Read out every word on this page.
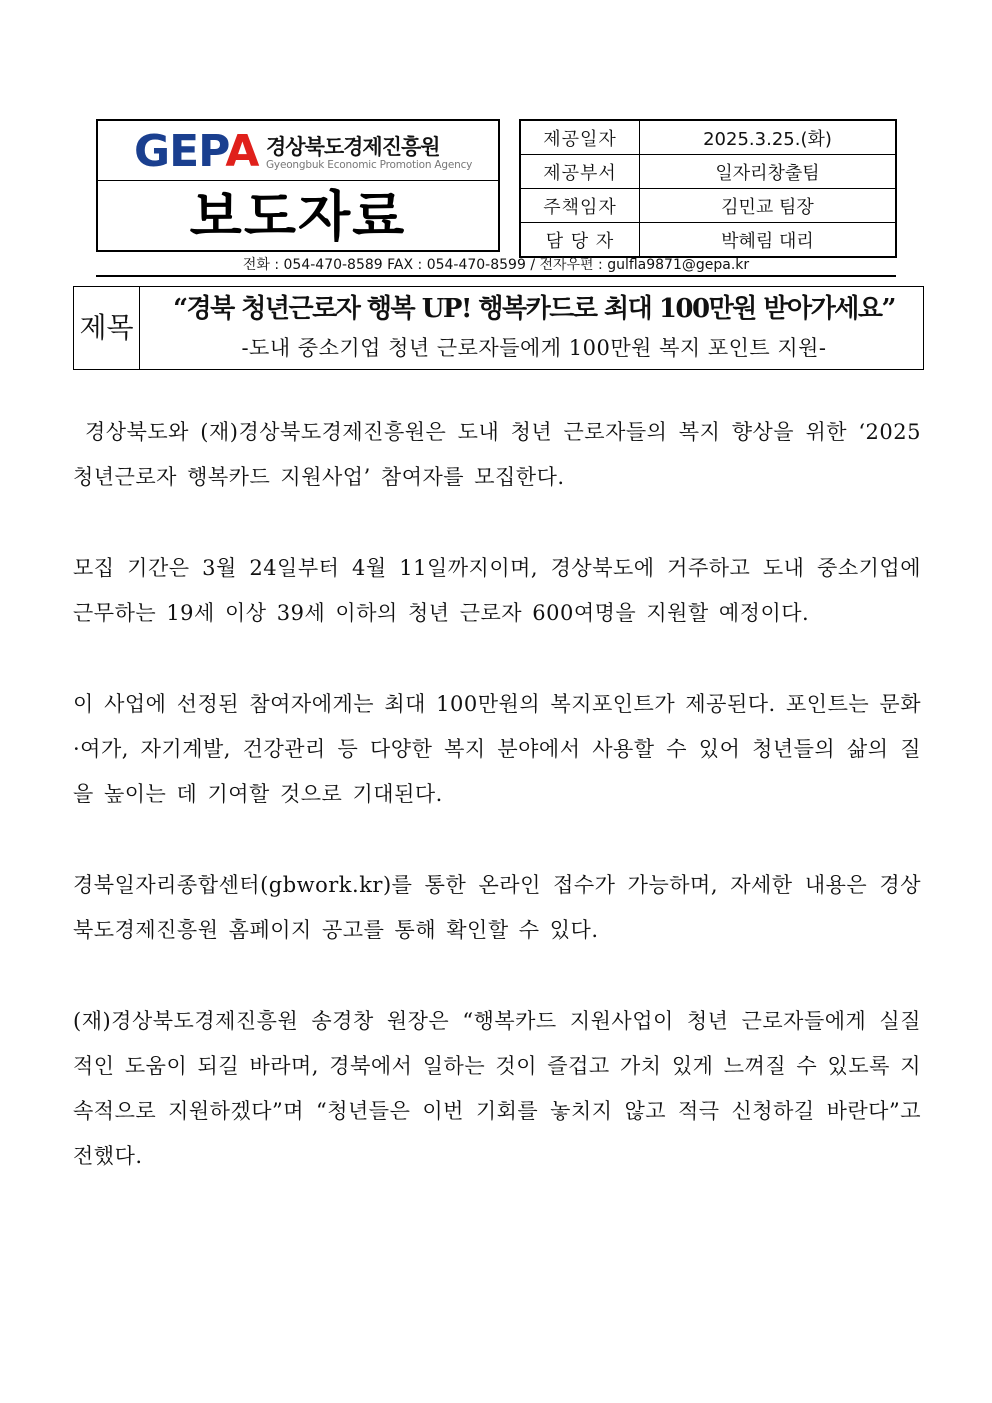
GEPA 경상북도경제진흥원
Gyeongbuk Economic Promotion Agency
보도자료
제공일자	2025.3.25.(화)
제공부서	일자리창출팀
주책임자	김민교 팀장
담 당 자	박혜림 대리
전화 : 054-470-8589 FAX : 054-470-8599 / 전자우편 : gulfla9871@gepa.kr
제목
“경북 청년근로자 행복 UP! 행복카드로 최대 100만원 받아가세요”
-도내 중소기업 청년 근로자들에게 100만원 복지 포인트 지원-

경상북도와 (재)경상북도경제진흥원은 도내 청년 근로자들의 복지 향상을 위한 ‘2025 청년근로자 행복카드 지원사업’ 참여자를 모집한다.

모집 기간은 3월 24일부터 4월 11일까지이며, 경상북도에 거주하고 도내 중소기업에 근무하는 19세 이상 39세 이하의 청년 근로자 600여명을 지원할 예정이다.

이 사업에 선정된 참여자에게는 최대 100만원의 복지포인트가 제공된다. 포인트는 문화·여가, 자기계발, 건강관리 등 다양한 복지 분야에서 사용할 수 있어 청년들의 삶의 질을 높이는 데 기여할 것으로 기대된다.

경북일자리종합센터(gbwork.kr)를 통한 온라인 접수가 가능하며, 자세한 내용은 경상북도경제진흥원 홈페이지 공고를 통해 확인할 수 있다.

(재)경상북도경제진흥원 송경창 원장은 “행복카드 지원사업이 청년 근로자들에게 실질적인 도움이 되길 바라며, 경북에서 일하는 것이 즐겁고 가치 있게 느껴질 수 있도록 지속적으로 지원하겠다”며 “청년들은 이번 기회를 놓치지 않고 적극 신청하길 바란다”고 전했다.
